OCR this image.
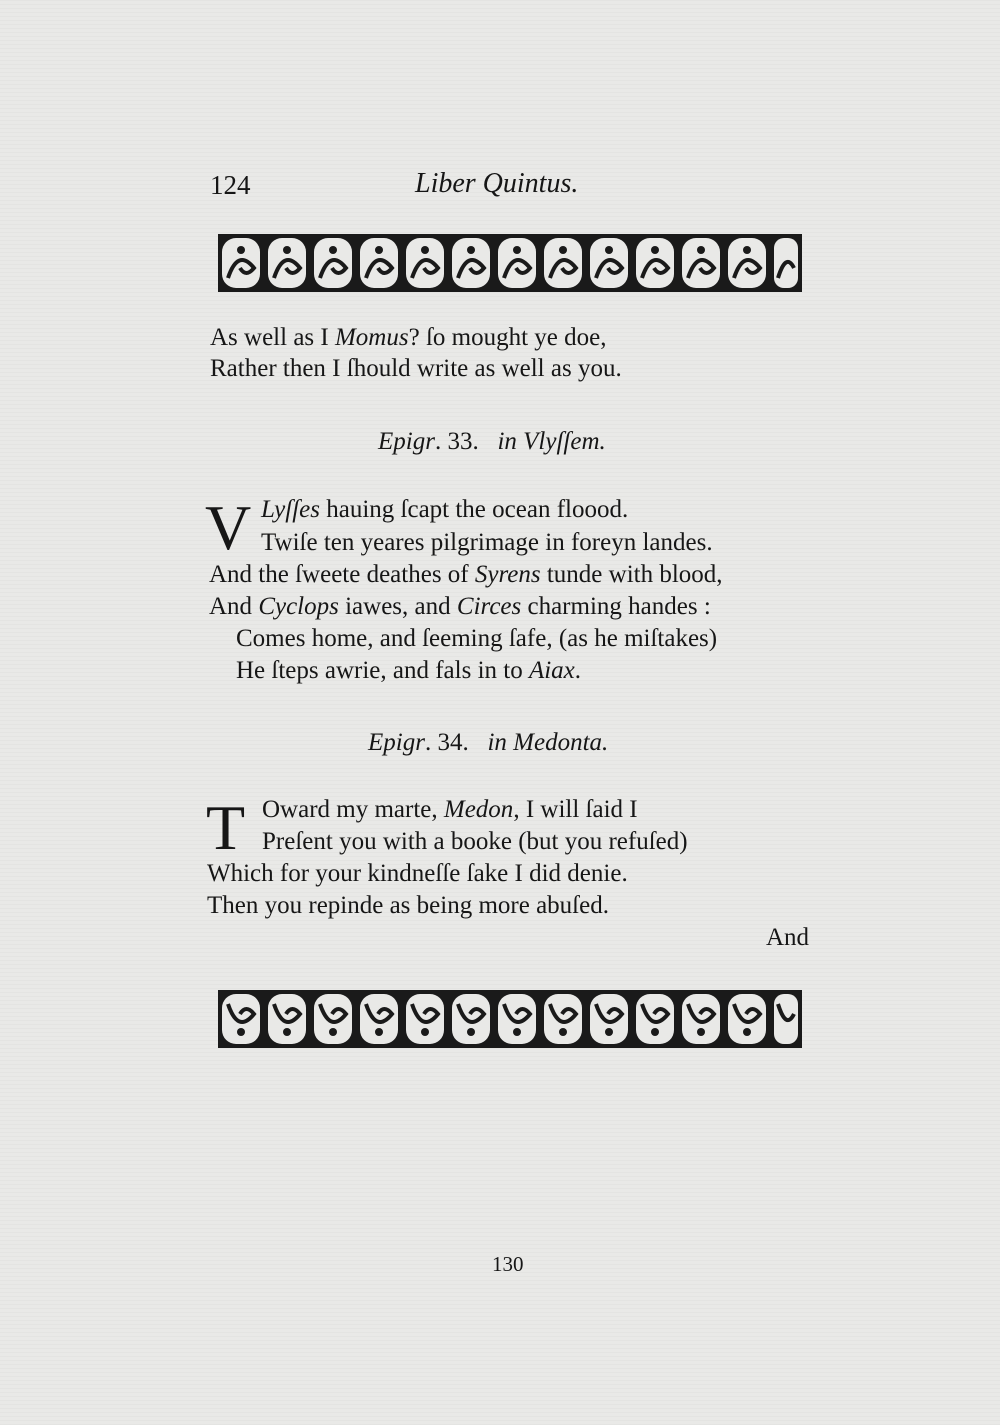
124	Liber Quintus.
As well as I Momus? ſo mought ye doe,
Rather then I ſhould write as well as you.
Epigr. 33. in Vlyſſem.
V Lyſſes hauing ſcapt the ocean floood.
Twiſe ten yeares pilgrimage in foreyn landes.
And the ſweete deathes of Syrens tunde with blood,
And Cyclops iawes, and Circes charming handes :
Comes home, and ſeeming ſafe, (as he miſtakes)
He ſteps awrie, and fals in to Aiax.
Epigr. 34. in Medonta.
T Oward my marte, Medon, I will ſaid I
Preſent you with a booke (but you refuſed)
Which for your kindneſſe ſake I did denie.
Then you repinde as being more abuſed.
And
130
